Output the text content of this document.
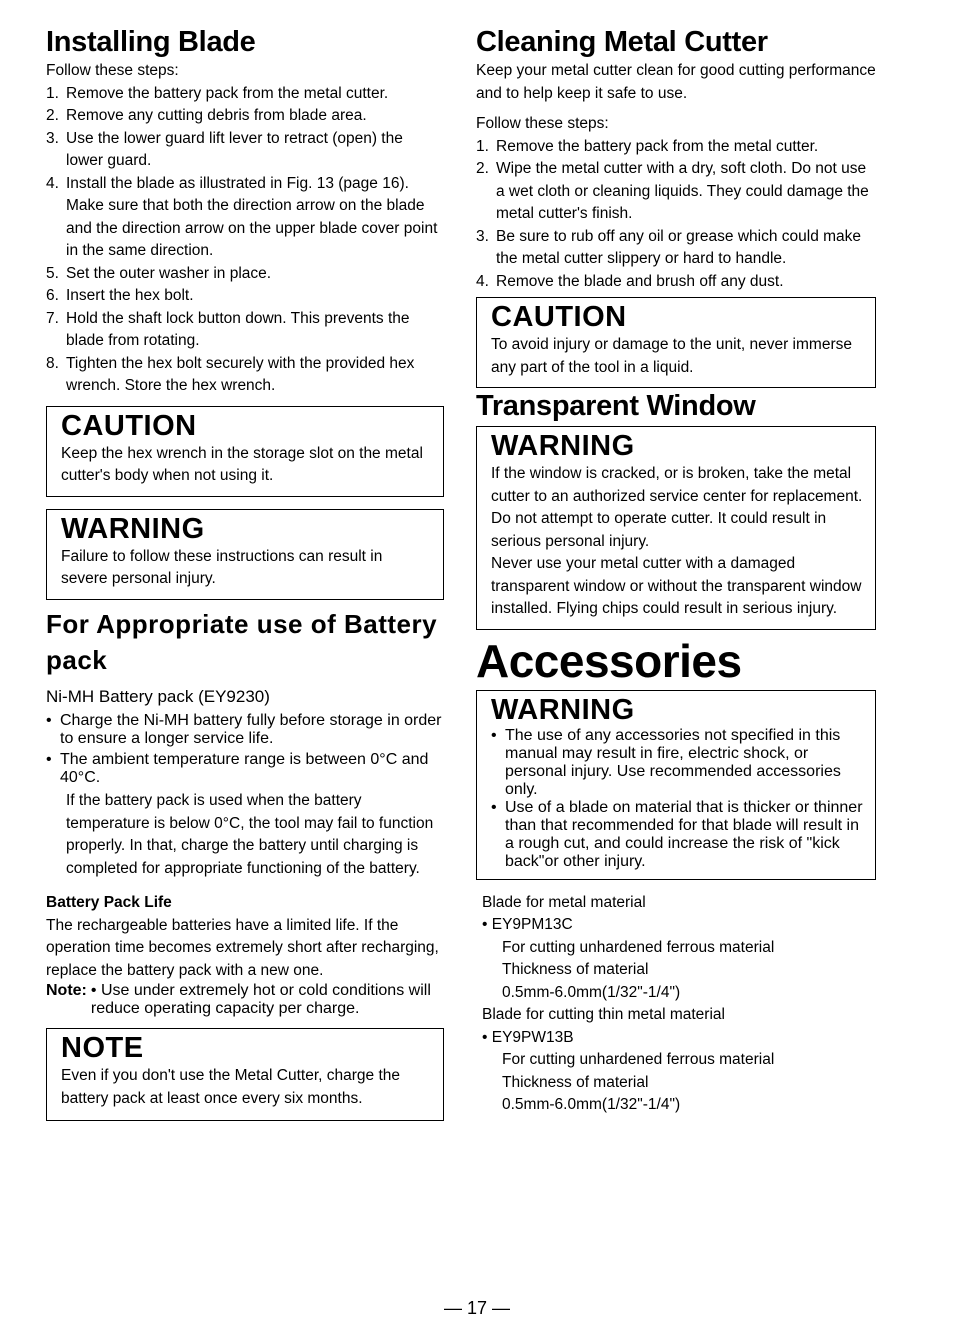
Installing Blade

Follow these steps:

1. Remove the battery pack from the metal cutter.
2. Remove any cutting debris from blade area.
3. Use the lower guard lift lever to retract (open) the lower guard.
4. Install the blade as illustrated in Fig. 13 (page 16). Make sure that both the direction arrow on the blade and the direction arrow on the upper blade cover point in the same direction.
5. Set the outer washer in place.
6. Insert the hex bolt.
7. Hold the shaft lock button down. This prevents the blade from rotating.
8. Tighten the hex bolt securely with the provided hex wrench. Store the hex wrench.
CAUTION

Keep the hex wrench in the storage slot on the metal cutter's body when not using it.

WARNING

Failure to follow these instructions can result in severe personal injury.

For Appropriate use of Battery pack

Ni-MH Battery pack (EY9230)

• Charge the Ni-MH battery fully before storage in order to ensure a longer service life.
• The ambient temperature range is between 0°C and 40°C.

If the battery pack is used when the battery temperature is below 0°C, the tool may fail to function properly. In that, charge the battery until charging is completed for appropriate functioning of the battery.

Battery Pack Life

The rechargeable batteries have a limited life. If the operation time becomes extremely short after recharging, replace the battery pack with a new one.

Note: • Use under extremely hot or cold conditions will reduce operating capacity per charge.
NOTE

Even if you don't use the Metal Cutter, charge the battery pack at least once every six months.

Cleaning Metal Cutter

Keep your metal cutter clean for good cutting performance and to help keep it safe to use.

Follow these steps:

1. Remove the battery pack from the metal cutter.
2. Wipe the metal cutter with a dry, soft cloth. Do not use a wet cloth or cleaning liquids. They could damage the metal cutter's finish.
3. Be sure to rub off any oil or grease which could make the metal cutter slippery or hard to handle.
4. Remove the blade and brush off any dust.
CAUTION

To avoid injury or damage to the unit, never immerse any part of the tool in a liquid.

Transparent Window
WARNING

If the window is cracked, or is broken, take the metal cutter to an authorized service center for replacement. Do not attempt to operate cutter. It could result in serious personal injury.

Never use your metal cutter with a damaged transparent window or without the transparent window installed. Flying chips could result in serious injury.

Accessories
WARNING
• The use of any accessories not specified in this manual may result in fire, electric shock, or personal injury. Use recommended accessories only.
• Use of a blade on material that is thicker or thinner than that recommended for that blade will result in a rough cut, and could increase the risk of "kick back"or other injury.

Blade for metal material

• EY9PM13C

For cutting unhardened ferrous material

Thickness of material

0.5mm-6.0mm(1/32"-1/4")

Blade for cutting thin metal material

• EY9PW13B

For cutting unhardened ferrous material

Thickness of material

0.5mm-6.0mm(1/32"-1/4")

— 17 —
